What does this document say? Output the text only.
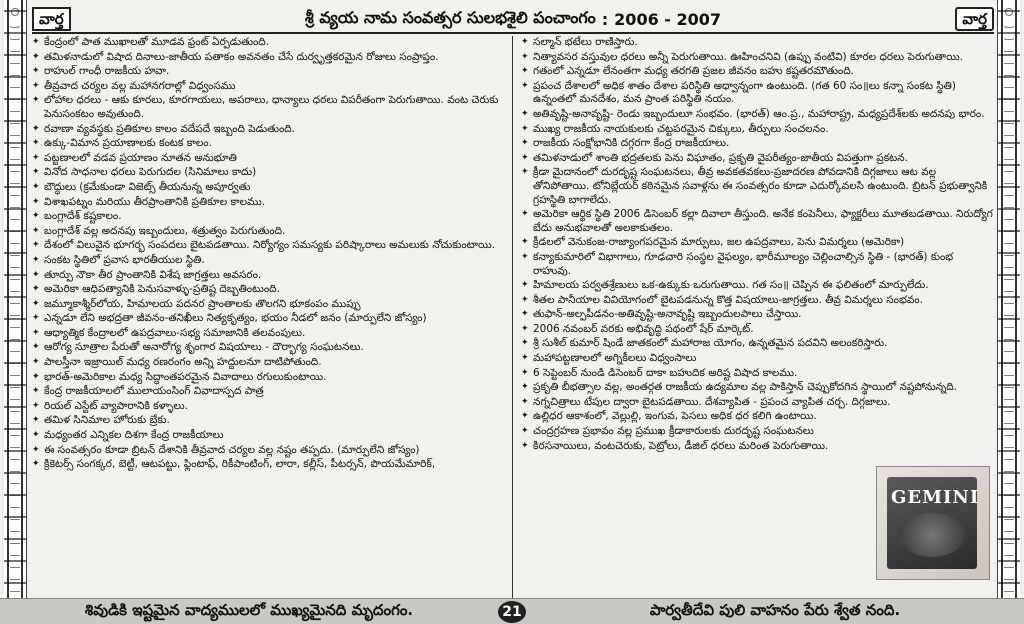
వార్త	శ్రీ వ్యయ నామ సంవత్సర సులభశైలి పంచాంగం : 2006 - 2007	వార్త
✦ కేంద్రంలో పాత ముఖాలతో మూడవ ఫ్రంట్ ఏర్పడుతుంది.
✦ తమిళనాడులో విషాద దినాలు-జాతీయ పతాకం అవనతం చేసే దుర్వృత్తకరమైన రోజులు సంప్రాప్తం.
✦ రాహుల్ గాంధీ రాజకీయ హవా.
✦ తీవ్రవాద చర్యల వల్ల మహానగరాల్లో విధ్వంసము
✦ లోహాల ధరలు - ఆకు కూరలు, కూరగాయలు, అపరాలు, ధాన్యాలు ధరలు విపరీతంగా పెరుగుతాయి. వంట చెరుకు పెనుసంకటం అవుతుంది.
✦ రవాణా వ్యవస్థకు ప్రతికూల కాలం వదేపదే ఇబ్బంది పెడుతుంది.
✦ ఉక్కు-విమాన ప్రయాణాలకు కంటక కాలం.
✦ పట్టణాలలో వడవ ప్రయాణం నూతన అనుభూతి
✦ వినోద సాధనాల ధరలు పెరుగుదల (సినిమాలు కాదు)
✦ బౌద్ధులు (క్రమేకుండా విజెట్స్ తీయనున్న అపూర్వతు
✦ విశాఖపట్నం మరియు తీరప్రాంతానికి ప్రతికూల కాలము.
✦ బంగ్లాదేశ్ కష్టకాలం.
✦ బంగ్లాదేశ్ వల్ల అదనపు ఇబ్బందులు, శత్రుత్వం పెరుగుతుంది.
✦ దేశంలో విలువైన భూగర్భ సంపదలు బైటపడతాయి. నిర్యోగ్యం సమస్యకు పరిష్కారాలు అమలుకు నోచుకుంటాయి.
✦ సంకట స్థితిలో ప్రవాస భారతీయుల స్థితి.
✦ తూర్పు నౌకా తీర ప్రాంతానికి విశేష జాగ్రత్తలు అవసరం.
✦ అమెరికా ఆధిపత్యానికి పెనుసవాళ్ళు-ప్రతిష్ట దెబ్బతింటుంది.
✦ జమ్మూకాశ్మీర్‌లోయ, హిమాలయ పదనర ప్రాంతాలకు తొలగని భూకంపం ముప్పు
✦ ఎన్నడూ లేని అభద్రతా జీవనం-తనిఖీలు నిత్యకృత్యం, భయం నీడలో జనం (మార్పులేని జోస్యం)
✦ ఆధ్యాత్మిక కేంద్రాలలో ఉపద్రవాలు-సభ్య సమాజానికి తలవంపులు.
✦ ఆరోగ్య సూత్రాల పేరుతో అనారోగ్య శృంగార విషయాలు - దౌర్భాగ్య సంఘటనలు.
✦ పాలస్తీనా ఇజ్రాయిల్ మధ్య రణరంగం అన్ని హద్దులనూ దాటిపోతుంది.
✦ భారత్-అమెరికాల మధ్య సిద్ధాంతపరమైన వివాదాలు రగులుకుంటాయి.
✦ కేంద్ర రాజకీయాలలో ములాయంసింగ్ వివాదాస్పద పాత్ర
✦ రియల్ ఎస్టేట్ వ్యాపారానికి కళ్ళాలు.
✦ తమిళ సినిమాల హోరుకు బ్రేకు.
✦ మధ్యంతర ఎన్నికల దిశగా కేంద్ర రాజకీయాలు
✦ ఈ సంవత్సరం కూడా బ్రిటన్ దేశానికి తీవ్రవాద చర్యల వల్ల నష్టం తప్పదు. (మార్పులేని జోస్యం)
✦ క్రికెటర్స్ సంగక్కర, బెట్టీ, ఆటపట్టు, ఫ్లింటాఫ్, రికీపాంటింగ్, లారా, కల్లీస్, పీటర్సన్, పొయమేమారిక్,
✦ సల్మాన్ భటేలు రాణిస్తారు.
✦ నిత్యావసర వస్తువుల ధరలు అన్నీ పెరుగుతాయి. ఊహించనివి (ఉప్పు వంటివి) కూరల ధరలు పెరుగుతాయి.
✦ గతంలో ఎన్నడూ లేనంతగా మధ్య తరగతి ప్రజల జీవనం బహు కష్టతరమౌతుంది.
✦ ప్రపంచ దేశాలలో అధిక శాతం దేశాల పరిస్థితి అధ్వాన్నంగా ఉంటుంది. (గత 60 సం॥లు కన్నా సంకట స్థితి) ఉన్నంతలో మనదేశం, మన ప్రాంత పరిస్థితి నయం.
✦ అతివృష్టి-అనావృష్టి- రెండు ఇబ్బందులూ సంభవం. (భారత్) ఆం.ప్ర., మహారాష్ట్ర, మధ్యప్రదేశ్‌లకు అదనపు భారం.
✦ ముఖ్య రాజకీయ నాయకులకు చట్టపరమైన చిక్కులు, తీర్పులు సంచలనం.
✦ రాజకీయ సంక్షోభానికి దగ్గరగా కేంద్ర రాజకీయాలు.
✦ తమిళనాడులో శాంతి భద్రతలకు పెను విఘాతం, ప్రకృతి వైపరీత్యం-జాతీయ విపత్తుగా ప్రకటన.
✦ క్రీడా మైదానంలో దురదృష్ట సంఘటనలు, తీవ్ర అవకతవకలు-ప్రజాదరణ పోవడానికి దిగ్గజాలు ఆట వల్ల తోనిపోతాయి. టోనిబ్లేయర్ కఠినమైన సవాళ్లను ఈ సంవత్సరం కూడా ఎదుర్కోవలసి ఉంటుంది. బ్రిటన్ ప్రభుత్వానికి గ్రహస్థితి బాగాలేదు.
✦ అమెరికా ఆర్థిక స్థితి 2006 డిసెంబర్ కల్లా దివాలా తీస్తుంది. అనేక కంపెనీలు, ఫ్యాక్టరీలు మూతబడతాయి. నిరుద్యోగ బేదు అనుభవాలతో అలకాకుతలం.
✦ క్రీడలలో వెనుకంజ-రాజ్యాంగపరమైన మార్పులు, జల ఉపద్రవాలు, పెను విమర్శలు (అమెరికా)
✦ కన్యాకుమారిలో విభాగాలు, గూఢచారి సంస్థల వైఫల్యం, భారీమూల్యం చెల్లించాల్సిన స్థితి - (భారత్) కుంభ రాహువు.
✦ హిమాలయ పర్వతశ్రేణులు ఒక-ఉక్కుకు ఒరుగుతాయి. గత సం॥ చెప్పిన ఈ ఫలితంలో మార్పులేదు.
✦ శీతల పానీయాల వివియోగంలో బైటపడనున్న కొత్త విషయాలు-జాగ్రత్తలు. తీవ్ర విమర్శలు సంభవం.
✦ తుఫాన్-అల్పపీడనం-అతివృష్టి-అనావృష్టి ఇబ్బందులపాలు చేస్తాయి.
✦ 2006 నవంబర్ వరకు అభివృద్ధి పథంలో షేర్ మార్కెట్.
✦ శ్రీ సుశీల్ కుమార్ షిండే జాతకంలో మహారాజ యోగం, ఉన్నతమైన పదవిని అలంకరిస్తారు.
✦ మహాపట్టణాలలో అగ్నికీలలు విధ్వంసాలు
✦ 6 సెప్టెంబర్ నుండి డిసెంబర్ దాకా బహుదిక అరిష్ట విషాద కాలము.
✦ ప్రకృతి బీభత్సాల వల్ల, అంతర్గత రాజకీయ ఉద్యమాల వల్ల పాకిస్తాన్ చెప్పుకోదగిన స్థాయిలో నష్టపోనున్నది.
✦ నగ్నచిత్రాలు టేపుల ద్వారా బైటపడతాయి. దేశవ్యాపిత - ప్రపంచ వ్యాపిత చర్చ. దిగ్గజాలు.
✦ ఉల్లిధర ఆకాశంలో, వెల్లుల్లి, ఇంగువ, పెసలు అధిక ధర కలిగి ఉంటాయి.
✦ చంద్రగ్రహణ ప్రభావం వల్ల ప్రముఖ క్రీడాకారులకు దురదృష్ట సంఘటనలు
✦ కిరసనాయిలు, వంటచెరుకు, పెట్రోలు, డీజిల్ ధరలు మరింత పెరుగుతాయి.
GEMINI
శివుడికి ఇష్టమైన వాద్యములలో ముఖ్యమైనది మృదంగం.	21	పార్వతీదేవి పులి వాహనం పేరు శ్వేత నంది.
